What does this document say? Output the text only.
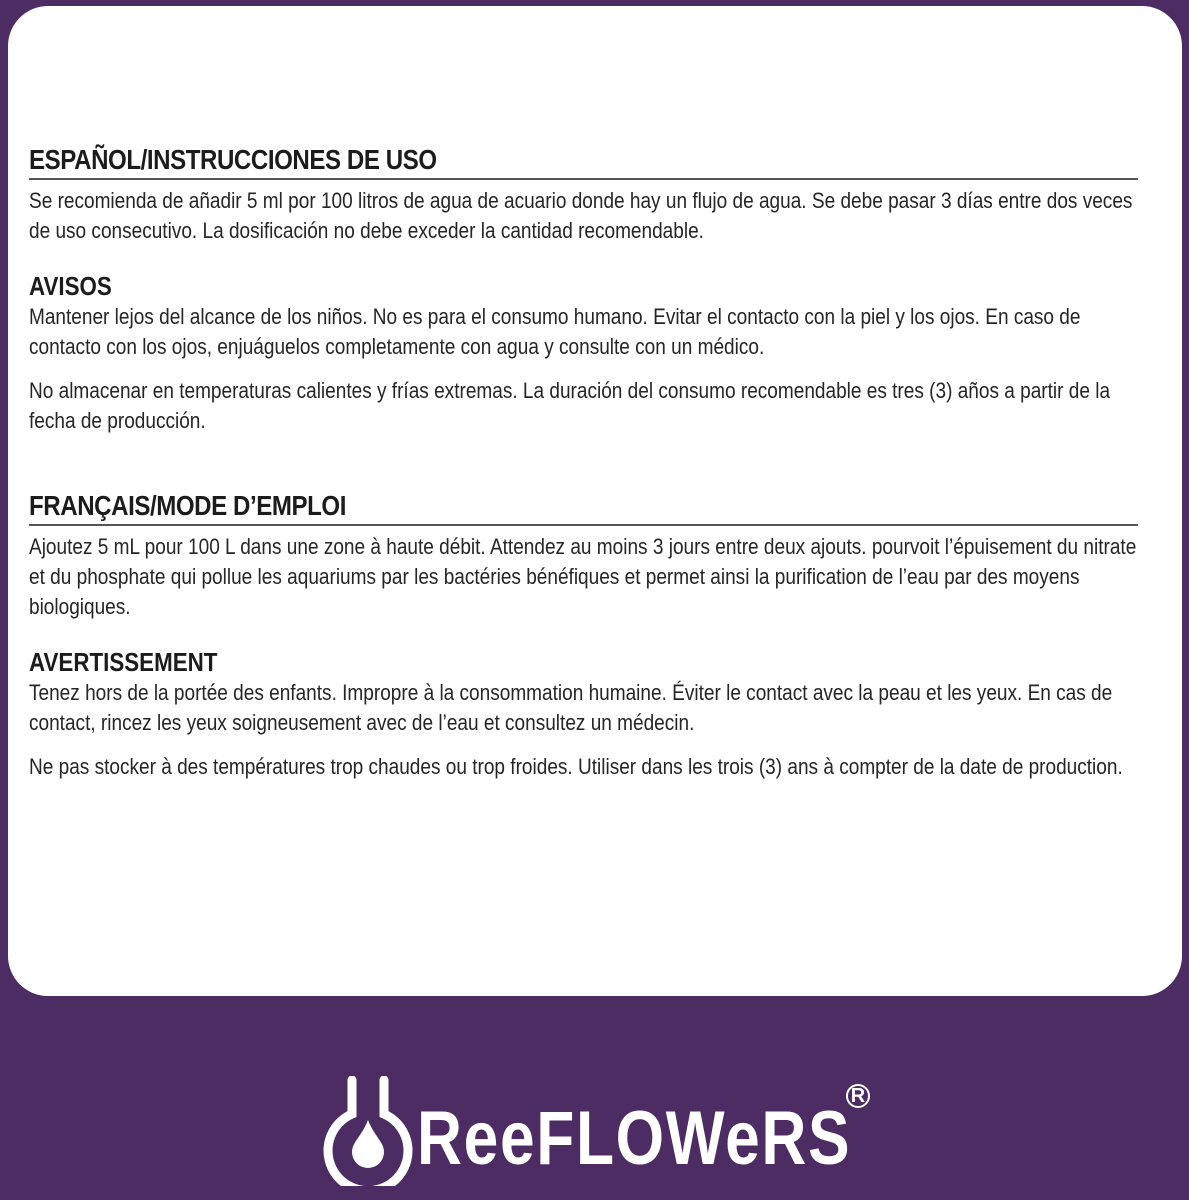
ESPAÑOL/INSTRUCCIONES DE USO

Se recomienda de añadir 5 ml por 100 litros de agua de acuario donde hay un flujo de agua. Se debe pasar 3 días entre dos veces de uso consecutivo. La dosificación no debe exceder la cantidad recomendable.

AVISOS

Mantener lejos del alcance de los niños. No es para el consumo humano. Evitar el contacto con la piel y los ojos. En caso de contacto con los ojos, enjuáguelos completamente con agua y consulte con un médico.

No almacenar en temperaturas calientes y frías extremas. La duración del consumo recomendable es tres (3) años a partir de la fecha de producción.

FRANÇAIS/MODE D’EMPLOI

Ajoutez 5 mL pour 100 L dans une zone à haute débit. Attendez au moins 3 jours entre deux ajouts. pourvoit l’épuisement du nitrate et du phosphate qui pollue les aquariums par les bactéries bénéfiques et permet ainsi la purification de l’eau par des moyens biologiques.

AVERTISSEMENT

Tenez hors de la portée des enfants. Impropre à la consommation humaine. Éviter le contact avec la peau et les yeux. En cas de contact, rincez les yeux soigneusement avec de l’eau et consultez un médecin.

Ne pas stocker à des températures trop chaudes ou trop froides. Utiliser dans les trois (3) ans à compter de la date de production.

ReeFLOWeRS R
